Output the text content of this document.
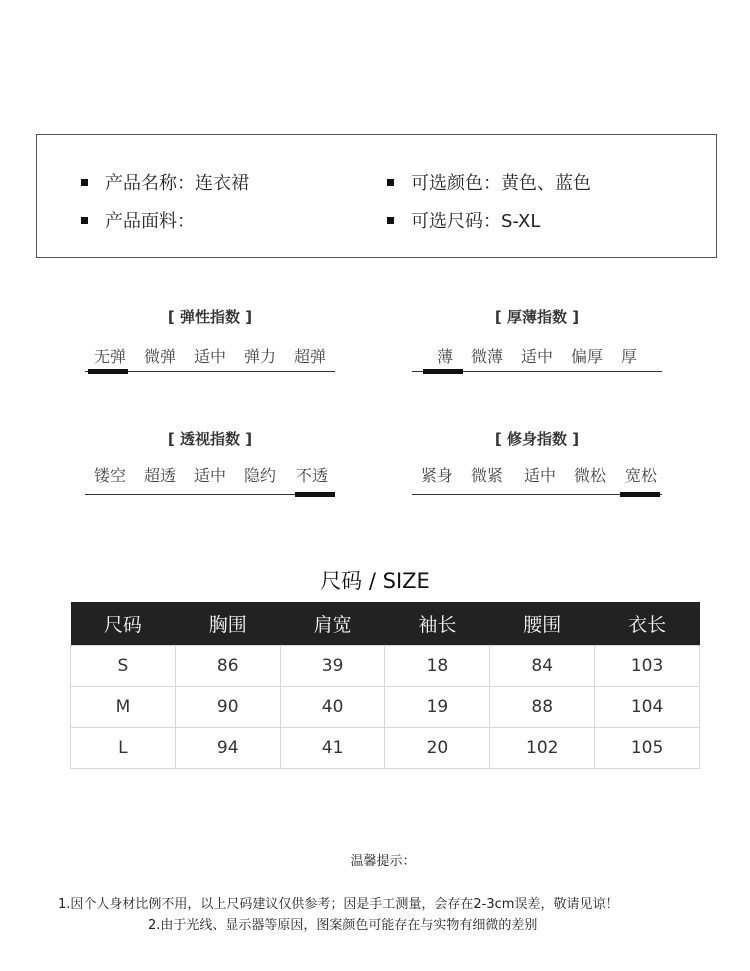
产品名称：连衣裙	可选颜色：黄色、蓝色
产品面料：	可选尺码：S-XL
[ 弹性指数 ]
无弹	微弹	适中	弹力	超弹
[ 厚薄指数 ]
薄	微薄	适中	偏厚	厚
[ 透视指数 ]
镂空	超透	适中	隐约	不透
[ 修身指数 ]
紧身	微紧	适中	微松	宽松
尺码 / SIZE
尺码	胸围	肩宽	袖长	腰围	衣长
S	86	39	18	84	103
M	90	40	19	88	104
L	94	41	20	102	105
温馨提示：
1.因个人身材比例不用，以上尺码建议仅供参考；因是手工测量，会存在2-3cm误差，敬请见谅！
2.由于光线、显示器等原因，图案颜色可能存在与实物有细微的差别
